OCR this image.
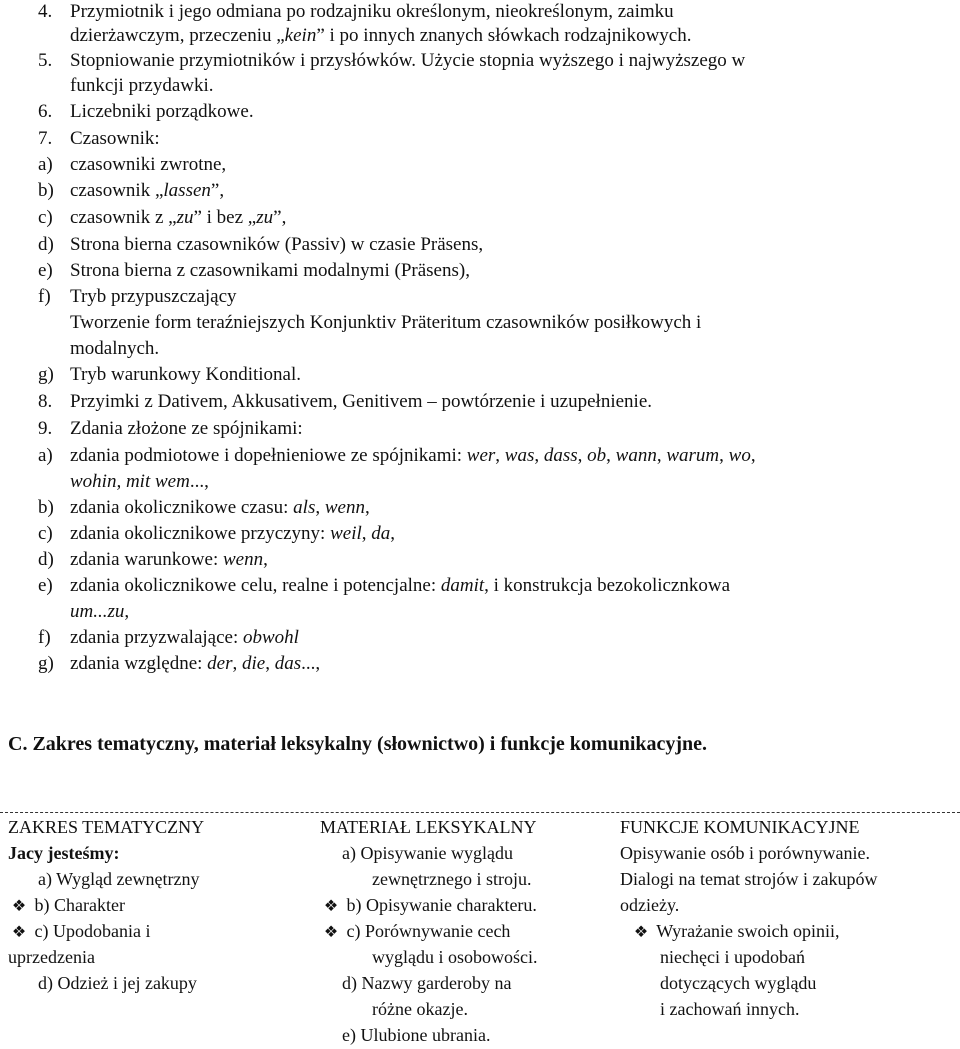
4. Przymiotnik i jego odmiana po rodzajniku określonym, nieokreślonym, zaimku
dzierżawczym, przeczeniu „kein” i po innych znanych słówkach rodzajnikowych.
5. Stopniowanie przymiotników i przysłówków. Użycie stopnia wyższego i najwyższego w
funkcji przydawki.
6. Liczebniki porządkowe.
7. Czasownik:
a) czasowniki zwrotne,
b) czasownik „lassen”,
c) czasownik z „zu” i bez „zu”,
d) Strona bierna czasowników (Passiv) w czasie Präsens,
e) Strona bierna z czasownikami modalnymi (Präsens),
f) Tryb przypuszczający
Tworzenie form teraźniejszych Konjunktiv Präteritum czasowników posiłkowych i
modalnych.
g) Tryb warunkowy Konditional.
8. Przyimki z Dativem, Akkusativem, Genitivem – powtórzenie i uzupełnienie.
9. Zdania złożone ze spójnikami:
a) zdania podmiotowe i dopełnieniowe ze spójnikami: wer, was, dass, ob, wann, warum, wo,
wohin, mit wem...,
b) zdania okolicznikowe czasu: als, wenn,
c) zdania okolicznikowe przyczyny: weil, da,
d) zdania warunkowe: wenn,
e) zdania okolicznikowe celu, realne i potencjalne: damit, i konstrukcja bezokolicznkowa
um...zu,
f) zdania przyzwalające: obwohl
g) zdania względne: der, die, das...,
C. Zakres tematyczny, materiał leksykalny (słownictwo) i funkcje komunikacyjne.
ZAKRES TEMATYCZNY
Jacy jesteśmy:
a) Wygląd zewnętrzny
❖ b) Charakter
❖ c) Upodobania i
uprzedzenia
d) Odzież i jej zakupy
MATERIAŁ LEKSYKALNY
a) Opisywanie wyglądu
zewnętrznego i stroju.
❖ b) Opisywanie charakteru.
❖ c) Porównywanie cech
wyglądu i osobowości.
d) Nazwy garderoby na
różne okazje.
e) Ulubione ubrania.
FUNKCJE KOMUNIKACYJNE
Opisywanie osób i porównywanie.
Dialogi na temat strojów i zakupów
odzieży.
❖ Wyrażanie swoich opinii,
niechęci i upodobań
dotyczących wyglądu
i zachowań innych.
